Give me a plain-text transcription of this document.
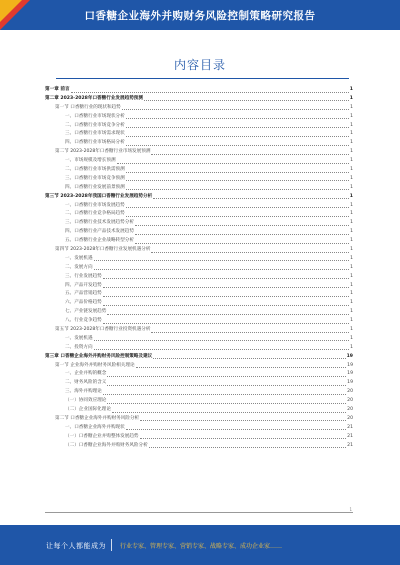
口香糖企业海外并购财务风险控制策略研究报告
内容目录
第一章 前言	1
第二章 2023-2028年口香糖行业发展趋势预测	1
第一节 口香糖行业的现状和趋势	1
一、口香糖行业市场现状分析	1
二、口香糖行业市场竞争分析	1
三、口香糖行业市场需求现状	1
四、口香糖行业市场格局分析	1
第二节 2023-2028年口香糖行业市场发展预测	1
一、市场规模及增长预测	1
二、口香糖行业市场供需预测	1
三、口香糖行业市场竞争预测	1
四、口香糖行业发展前景预测	1
第三节 2023-2028年我国口香糖行业发展趋势分析	1
一、口香糖行业市场发展趋势	1
二、口香糖行业竞争格局趋势	1
三、口香糖行业技术发展趋势分析	1
四、口香糖行业产品技术发展趋势	1
五、口香糖行业企业战略转型分析	1
第四节 2023-2028年口香糖行业发展机遇分析	1
一、发展机遇	1
二、发展方向	1
三、行业发展趋势	1
四、产品开发趋势	1
五、产品营销趋势	1
六、产品价格趋势	1
七、产业链发展趋势	1
八、行业竞争趋势	1
第五节 2023-2028年口香糖行业投资机遇分析	1
一、发展机遇	1
二、投资方向	1
第三章 口香糖企业海外并购财务风险控制策略及建议	19
第一节 企业海外并购财务风险相关理论	19
一、企业并购的概念	19
二、财务风险的含义	19
三、海外并购理论	20
（一）协同效应理论	20
（二）企业国际化理论	20
第二节 口香糖企业海外并购财务风险分析	20
一、口香糖企业海外并购现状	21
（一）口香糖企业并购整体发展趋势	21
（二）口香糖企业海外并购财务风险分析	21
1
让每个人都能成为 行业专家、管理专家、营销专家、战略专家、成功企业家……
